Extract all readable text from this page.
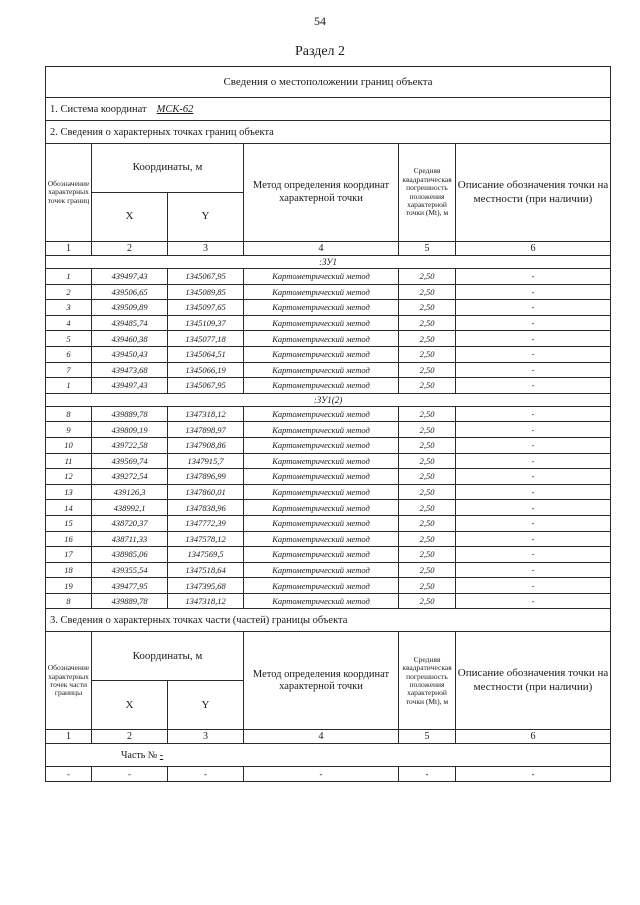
54
Раздел 2
Сведения о местоположении границ объекта					
1. Система координат МСК-62					
2. Сведения о характерных точках границ объекта					
Обозначение характерных точек границ	Координаты, м		Метод определения координат характерной точки	Средняя квадратическая погрешность положения характерной точки (Mt), м	Описание обозначения точки на местности (при наличии)
	X	Y			
1	2	3	4	5	6
:ЗУ1					
1	439497,43	1345067,95	Картометрический метод	2,50	-
2	439506,65	1345089,85	Картометрический метод	2,50	-
3	439509,89	1345097,65	Картометрический метод	2,50	-
4	439485,74	1345109,37	Картометрический метод	2,50	-
5	439460,38	1345077,18	Картометрический метод	2,50	-
6	439450,43	1345064,51	Картометрический метод	2,50	-
7	439473,68	1345066,19	Картометрический метод	2,50	-
1	439497,43	1345067,95	Картометрический метод	2,50	-
:ЗУ1(2)					
8	439889,78	1347318,12	Картометрический метод	2,50	-
9	439809,19	1347898,97	Картометрический метод	2,50	-
10	439722,58	1347908,86	Картометрический метод	2,50	-
11	439569,74	1347915,7	Картометрический метод	2,50	-
12	439272,54	1347896,99	Картометрический метод	2,50	-
13	439126,3	1347860,01	Картометрический метод	2,50	-
14	438992,1	1347838,96	Картометрический метод	2,50	-
15	438720,37	1347772,39	Картометрический метод	2,50	-
16	438711,33	1347578,12	Картометрический метод	2,50	-
17	438985,06	1347569,5	Картометрический метод	2,50	-
18	439355,54	1347518,64	Картометрический метод	2,50	-
19	439477,95	1347395,68	Картометрический метод	2,50	-
8	439889,78	1347318,12	Картометрический метод	2,50	-
3. Сведения о характерных точках части (частей) границы объекта					
Обозначение характерных точек части границы	Координаты, м		Метод определения координат характерной точки	Средняя квадратическая погрешность положения характерной точки (Mt), м	Описание обозначения точки на местности (при наличии)
	X	Y			
1	2	3	4	5	6
Часть № -					
-	-	-	-	-	-
